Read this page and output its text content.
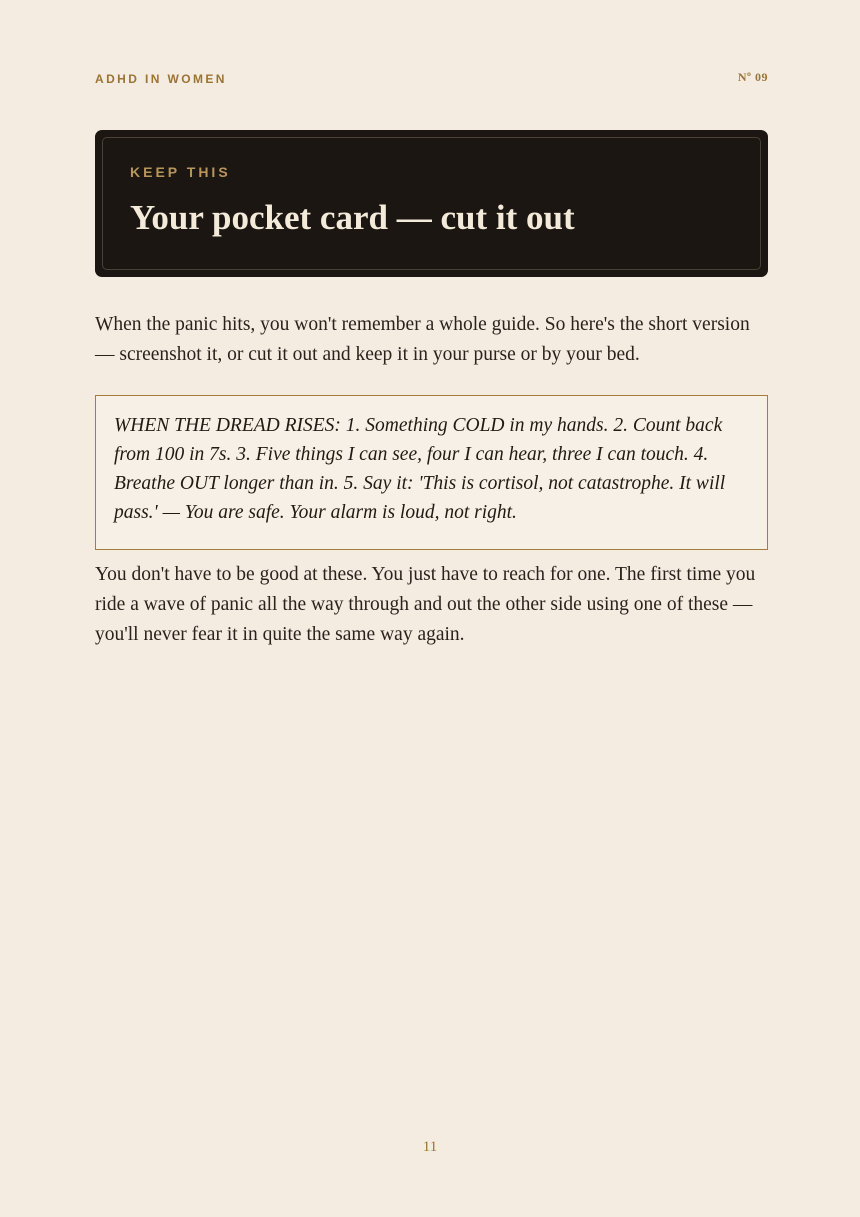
ADHD IN WOMEN	Nº 09
KEEP THIS
Your pocket card — cut it out

When the panic hits, you won't remember a whole guide. So here's the short version — screenshot it, or cut it out and keep it in your purse or by your bed.

WHEN THE DREAD RISES: 1. Something COLD in my hands. 2. Count back from 100 in 7s. 3. Five things I can see, four I can hear, three I can touch. 4. Breathe OUT longer than in. 5. Say it: 'This is cortisol, not catastrophe. It will pass.' — You are safe. Your alarm is loud, not right.

You don't have to be good at these. You just have to reach for one. The first time you ride a wave of panic all the way through and out the other side using one of these — you'll never fear it in quite the same way again.

11
